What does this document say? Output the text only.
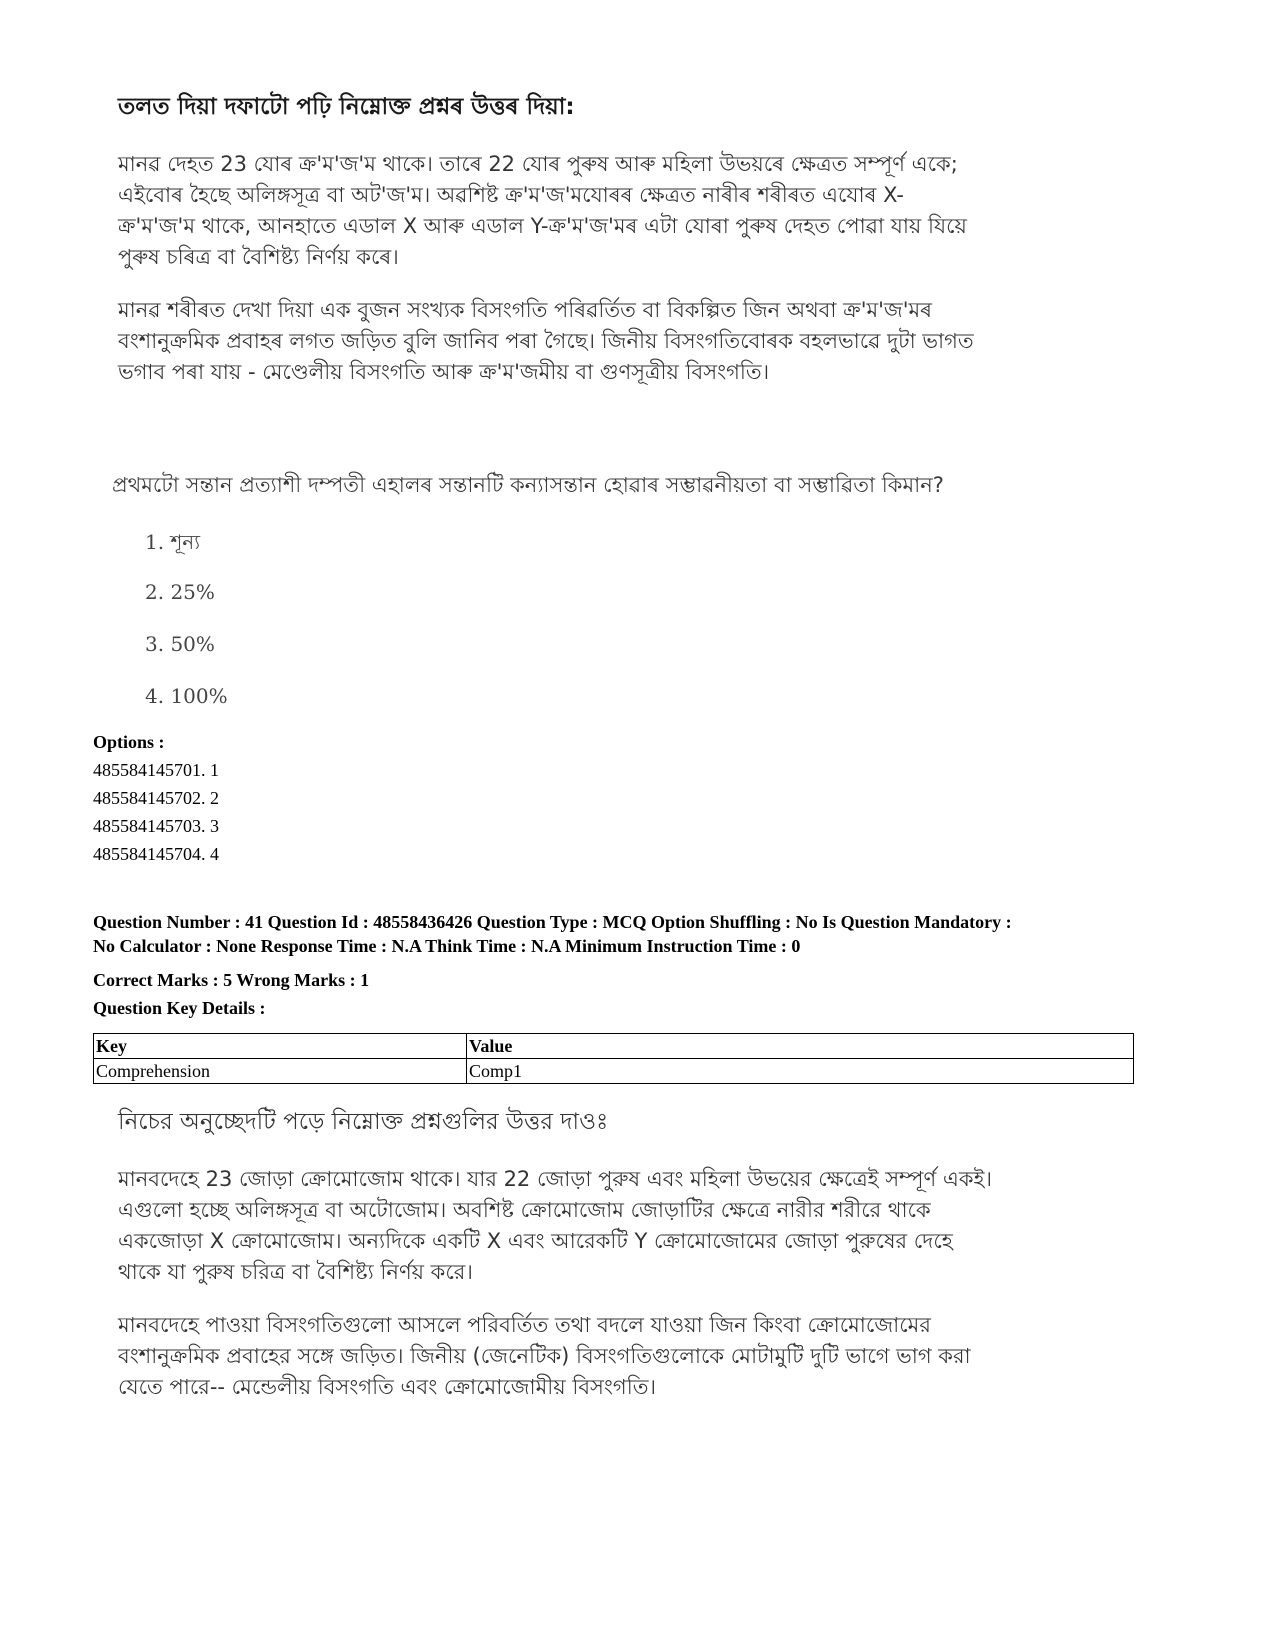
তলত দিয়া দফাটো পঢ়ি নিম্নোক্ত প্ৰশ্নৰ উত্তৰ দিয়া:

মানৱ দেহত 23 যোৰ ক্ৰ'ম'জ'ম থাকে। তাৰে 22 যোৰ পুৰুষ আৰু মহিলা উভয়ৰে ক্ষেত্ৰত সম্পূৰ্ণ একে;

এইবোৰ হৈছে অলিঙ্গসূত্ৰ বা অট'জ'ম। অৱশিষ্ট ক্ৰ'ম'জ'মযোৰৰ ক্ষেত্ৰত নাৰীৰ শৰীৰত এযোৰ X-

ক্ৰ'ম'জ'ম থাকে, আনহাতে এডাল X আৰু এডাল Y-ক্ৰ'ম'জ'মৰ এটা যোৰা পুৰুষ দেহত পোৱা যায় যিয়ে

পুৰুষ চৰিত্ৰ বা বৈশিষ্ট্য নিৰ্ণয় কৰে।

মানৱ শৰীৰত দেখা দিয়া এক বুজন সংখ্যক বিসংগতি পৰিৱৰ্তিত বা বিকল্পিত জিন অথবা ক্ৰ'ম'জ'মৰ

বংশানুক্ৰমিক প্ৰবাহৰ লগত জড়িত বুলি জানিব পৰা গৈছে। জিনীয় বিসংগতিবোৰক বহলভাৱে দুটা ভাগত

ভগাব পৰা যায় - মেণ্ডেলীয় বিসংগতি আৰু ক্ৰ'ম'জমীয় বা গুণসূত্ৰীয় বিসংগতি।

প্ৰথমটো সন্তান প্ৰত্যাশী দম্পতী এহালৰ সন্তানটি কন্যাসন্তান হোৱাৰ সম্ভাৱনীয়তা বা সম্ভাৱিতা কিমান?
1. শূন্য
2. 25%
3. 50%
4. 100%
Options :
485584145701. 1
485584145702. 2
485584145703. 3
485584145704. 4
Question Number : 41 Question Id : 48558436426 Question Type : MCQ Option Shuffling : No Is Question Mandatory :
No Calculator : None Response Time : N.A Think Time : N.A Minimum Instruction Time : 0
Correct Marks : 5 Wrong Marks : 1
Question Key Details :
Key	Value
Comprehension	Comp1

নিচের অনুচ্ছেদটি পড়ে নিম্নোক্ত প্রশ্নগুলির উত্তর দাওঃ

মানবদেহে 23 জোড়া ক্রোমোজোম থাকে। যার 22 জোড়া পুরুষ এবং মহিলা উভয়ের ক্ষেত্রেই সম্পূর্ণ একই।

এগুলো হচ্ছে অলিঙ্গসূত্র বা অটোজোম। অবশিষ্ট ক্রোমোজোম জোড়াটির ক্ষেত্রে নারীর শরীরে থাকে

একজোড়া X ক্রোমোজোম। অন্যদিকে একটি X এবং আরেকটি Y ক্রোমোজোমের জোড়া পুরুষের দেহে

থাকে যা পুরুষ চরিত্র বা বৈশিষ্ট্য নির্ণয় করে।

মানবদেহে পাওয়া বিসংগতিগুলো আসলে পরিবর্তিত তথা বদলে যাওয়া জিন কিংবা ক্রোমোজোমের

বংশানুক্রমিক প্রবাহের সঙ্গে জড়িত। জিনীয় (জেনেটিক) বিসংগতিগুলোকে মোটামুটি দুটি ভাগে ভাগ করা

যেতে পারে-- মেন্ডেলীয় বিসংগতি এবং ক্রোমোজোমীয় বিসংগতি।
